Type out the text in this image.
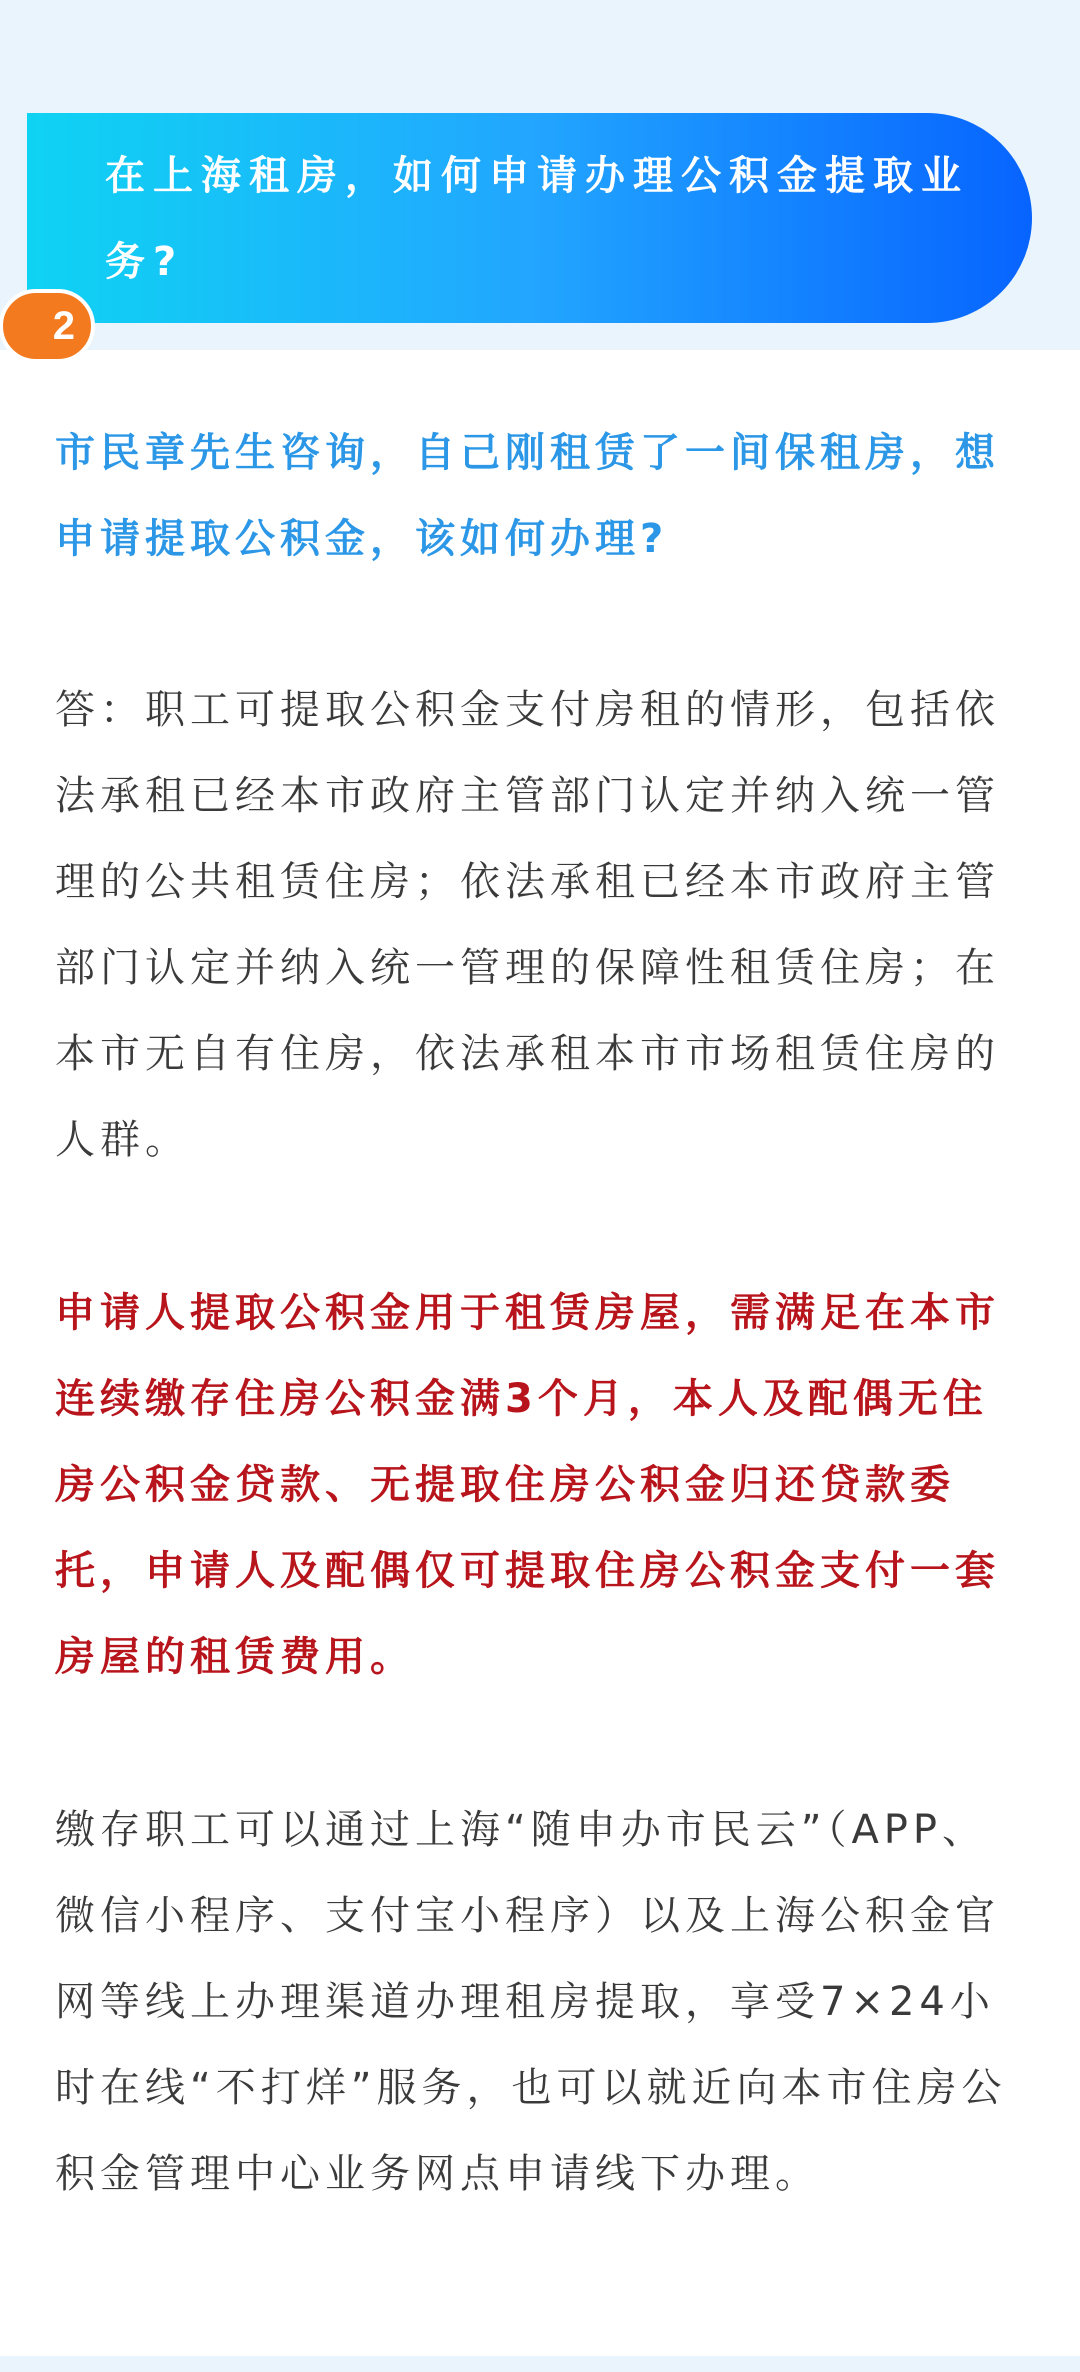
2
在上海租房，如何申请办理公积金提取业务?

市民章先生咨询，自己刚租赁了一间保租房，想申请提取公积金，该如何办理?

答：职工可提取公积金支付房租的情形，包括依法承租已经本市政府主管部门认定并纳入统一管理的公共租赁住房；依法承租已经本市政府主管部门认定并纳入统一管理的保障性租赁住房；在本市无自有住房，依法承租本市市场租赁住房的人群。

申请人提取公积金用于租赁房屋，需满足在本市连续缴存住房公积金满3个月，本人及配偶无住房公积金贷款、无提取住房公积金归还贷款委托，申请人及配偶仅可提取住房公积金支付一套房屋的租赁费用。

缴存职工可以通过上海“随申办市民云”（APP、微信小程序、支付宝小程序）以及上海公积金官网等线上办理渠道办理租房提取，享受7×24小时在线“不打烊”服务，也可以就近向本市住房公积金管理中心业务网点申请线下办理。
